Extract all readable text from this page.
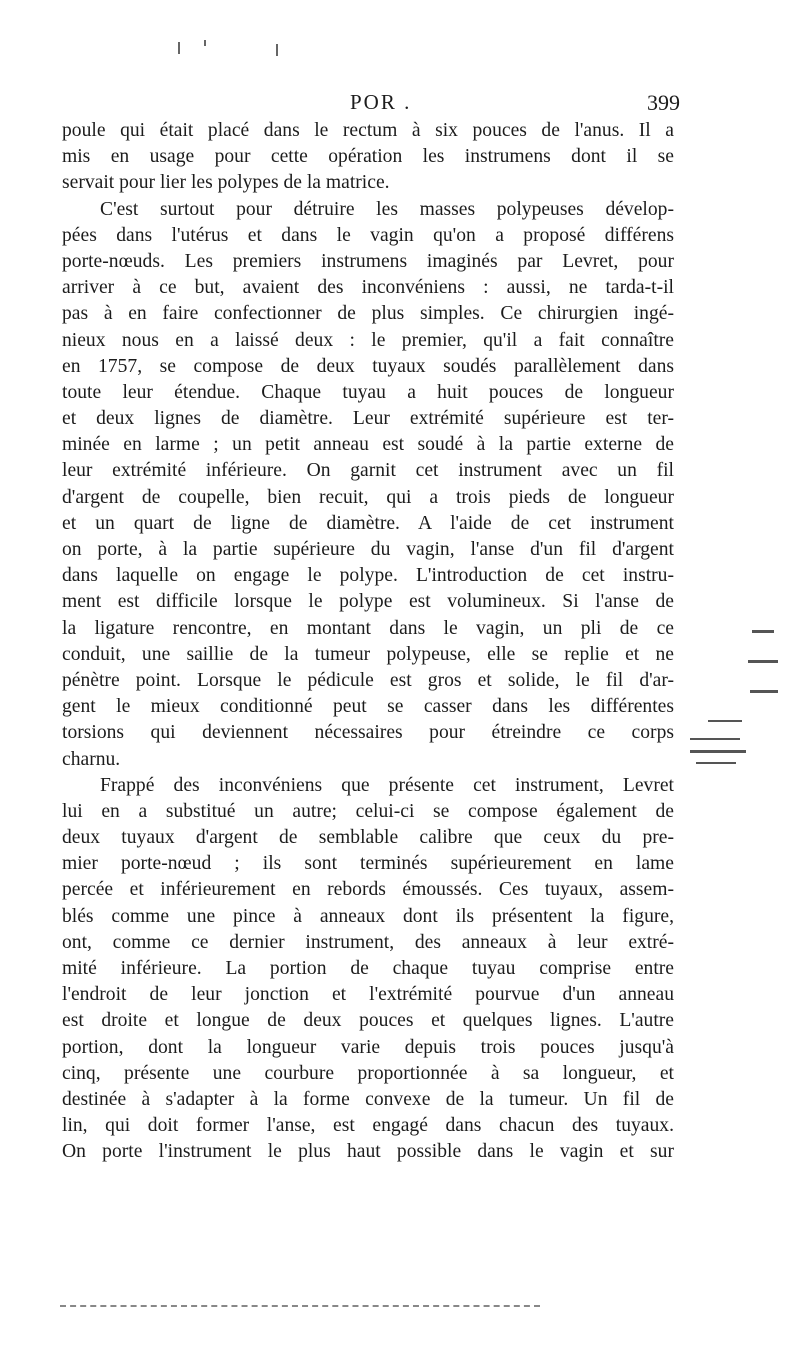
POR .	399
poule qui était placé dans le rectum à six pouces de l'anus. Il a
mis en usage pour cette opération les instrumens dont il se
servait pour lier les polypes de la matrice.
C'est surtout pour détruire les masses polypeuses dévelop-
pées dans l'utérus et dans le vagin qu'on a proposé différens
porte-nœuds. Les premiers instrumens imaginés par Levret, pour
arriver à ce but, avaient des inconvéniens : aussi, ne tarda-t-il
pas à en faire confectionner de plus simples. Ce chirurgien ingé-
nieux nous en a laissé deux : le premier, qu'il a fait connaître
en 1757, se compose de deux tuyaux soudés parallèlement dans
toute leur étendue. Chaque tuyau a huit pouces de longueur
et deux lignes de diamètre. Leur extrémité supérieure est ter-
minée en larme ; un petit anneau est soudé à la partie externe de
leur extrémité inférieure. On garnit cet instrument avec un fil
d'argent de coupelle, bien recuit, qui a trois pieds de longueur
et un quart de ligne de diamètre. A l'aide de cet instrument
on porte, à la partie supérieure du vagin, l'anse d'un fil d'argent
dans laquelle on engage le polype. L'introduction de cet instru-
ment est difficile lorsque le polype est volumineux. Si l'anse de
la ligature rencontre, en montant dans le vagin, un pli de ce
conduit, une saillie de la tumeur polypeuse, elle se replie et ne
pénètre point. Lorsque le pédicule est gros et solide, le fil d'ar-
gent le mieux conditionné peut se casser dans les différentes
torsions qui deviennent nécessaires pour étreindre ce corps
charnu.
Frappé des inconvéniens que présente cet instrument, Levret
lui en a substitué un autre; celui-ci se compose également de
deux tuyaux d'argent de semblable calibre que ceux du pre-
mier porte-nœud ; ils sont terminés supérieurement en lame
percée et inférieurement en rebords émoussés. Ces tuyaux, assem-
blés comme une pince à anneaux dont ils présentent la figure,
ont, comme ce dernier instrument, des anneaux à leur extré-
mité inférieure. La portion de chaque tuyau comprise entre
l'endroit de leur jonction et l'extrémité pourvue d'un anneau
est droite et longue de deux pouces et quelques lignes. L'autre
portion, dont la longueur varie depuis trois pouces jusqu'à
cinq, présente une courbure proportionnée à sa longueur, et
destinée à s'adapter à la forme convexe de la tumeur. Un fil de
lin, qui doit former l'anse, est engagé dans chacun des tuyaux.
On porte l'instrument le plus haut possible dans le vagin et sur
